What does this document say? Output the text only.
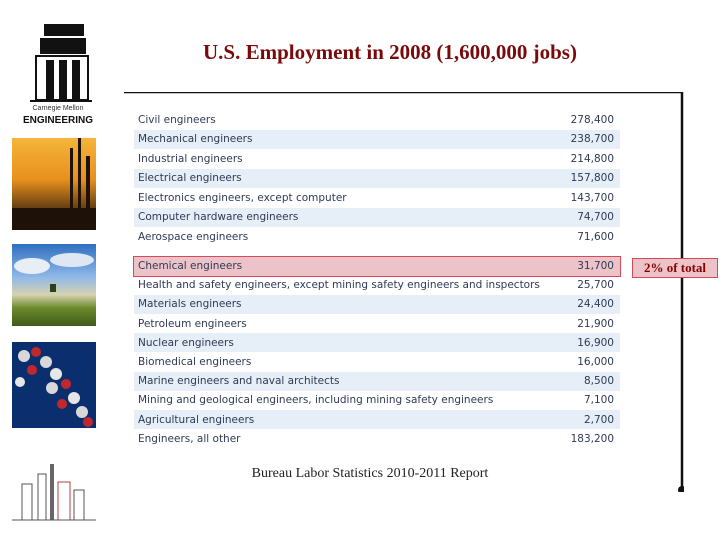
U.S. Employment in 2008 (1,600,000 jobs)
Carnegie Mellon
ENGINEERING	Civil engineers	278,400
Mechanical engineers	238,700
Industrial engineers	214,800
Electrical engineers	157,800
Electronics engineers, except computer	143,700
Computer hardware engineers	74,700
Aerospace engineers	71,600
Chemical engineers	31,700
Health and safety engineers, except mining safety engineers and inspectors	25,700
Materials engineers	24,400
Petroleum engineers	21,900
Nuclear engineers	16,900
Biomedical engineers	16,000
Marine engineers and naval architects	8,500
Mining and geological engineers, including mining safety engineers	7,100
Agricultural engineers	2,700
Engineers, all other	183,200
2% of total
Bureau Labor Statistics 2010-2011 Report
